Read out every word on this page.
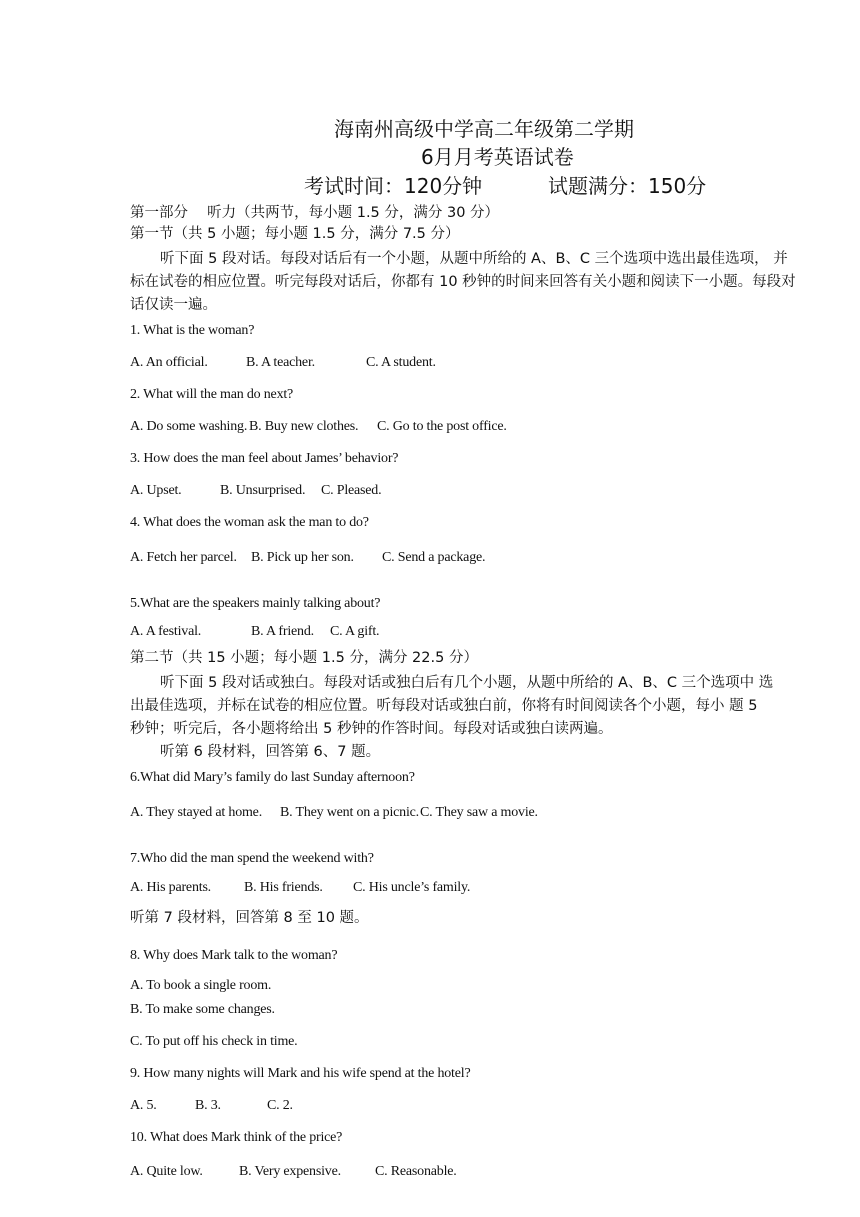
海南州高级中学高二年级第二学期
6月月考英语试卷
考试时间：120分钟	试题满分：150分
第一部分　 听力（共两节，每小题 1.5 分，满分 30 分）
第一节（共 5 小题；每小题 1.5 分，满分 7.5 分）
听下面 5 段对话。每段对话后有一个小题，从题中所给的 A、B、C 三个选项中选出最佳选项， 并
标在试卷的相应位置。听完每段对话后，你都有 10 秒钟的时间来回答有关小题和阅读下一小题。每段对
话仅读一遍。
1. What is the woman?
A. An official.	B. A teacher.	C. A student.
2. What will the man do next?
A. Do some washing. B. Buy new clothes. C. Go to the post office.
3. How does the man feel about James’ behavior?
A. Upset.	B. Unsurprised. C. Pleased.
4. What does the woman ask the man to do?
A. Fetch her parcel. B. Pick up her son. C. Send a package.
5.What are the speakers mainly talking about?
A. A festival.	B. A friend. C. A gift.
第二节（共 15 小题；每小题 1.5 分，满分 22.5 分）
听下面 5 段对话或独白。每段对话或独白后有几个小题，从题中所给的 A、B、C 三个选项中 选
出最佳选项，并标在试卷的相应位置。听每段对话或独白前，你将有时间阅读各个小题，每小 题 5
秒钟；听完后，各小题将给出 5 秒钟的作答时间。每段对话或独白读两遍。
听第 6 段材料，回答第 6、7 题。
6.What did Mary’s family do last Sunday afternoon?
A. They stayed at home. B. They went on a picnic. C. They saw a movie.
7.Who did the man spend the weekend with?
A. His parents. B. His friends. C. His uncle’s family.
听第 7 段材料，回答第 8 至 10 题。
8. Why does Mark talk to the woman?
A. To book a single room.
B. To make some changes.
C. To put off his check in time.
9. How many nights will Mark and his wife spend at the hotel?
A. 5.	B. 3.	C. 2.
10. What does Mark think of the price?
A. Quite low.	B. Very expensive. C. Reasonable.
